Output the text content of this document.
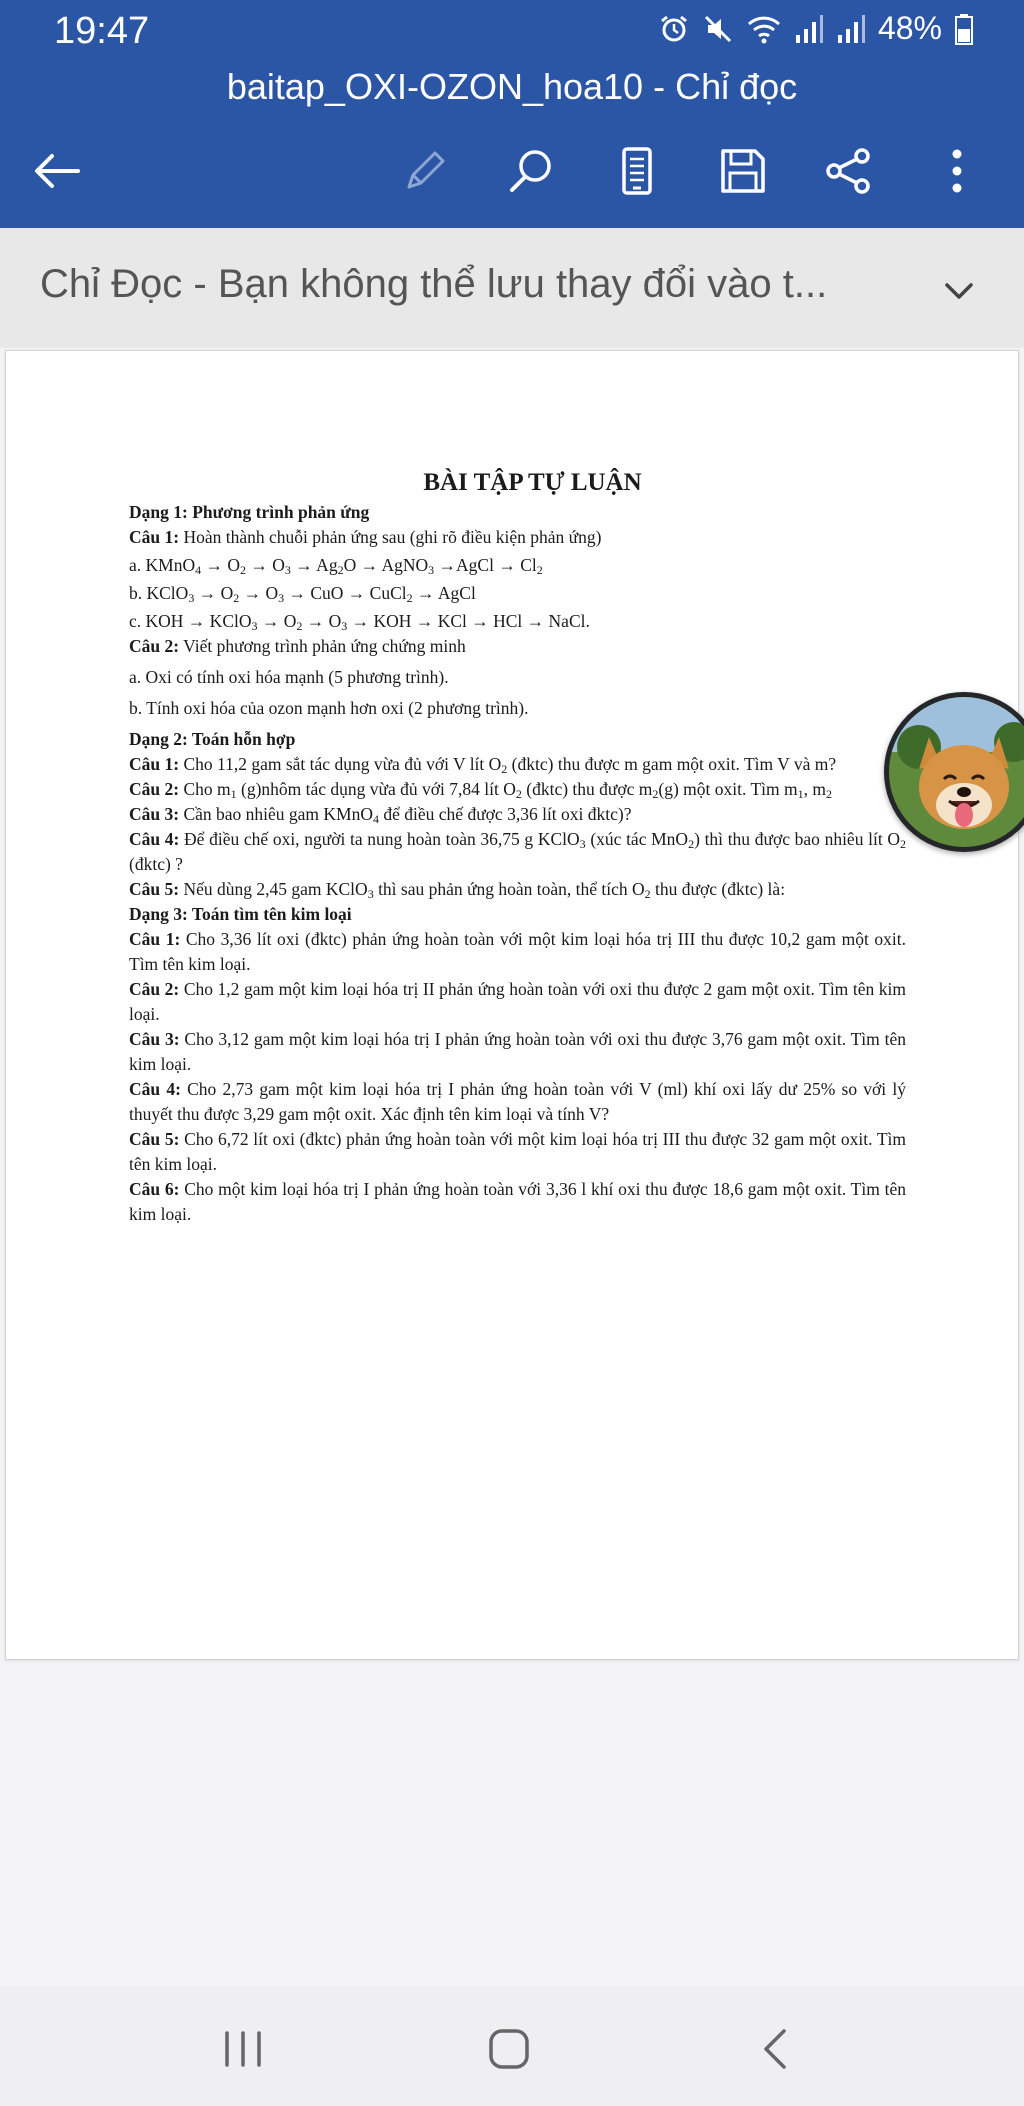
19:47	48%
baitap_OXI-OZON_hoa10 - Chỉ đọc
Chỉ Đọc - Bạn không thể lưu thay đổi vào t...
BÀI TẬP TỰ LUẬN
Dạng 1: Phương trình phản ứng
Câu 1: Hoàn thành chuỗi phản ứng sau (ghi rõ điều kiện phản ứng)
a. KMnO$_4$ → $O_2 \to O_3 \to Ag_2O$ → AgNO$_3$ →AgCl → $Cl_2$
b. KClO$_3$ → $O_2 \to O_3$ → CuO → CuCl$_2$ → AgCl
c. KOH → KClO$_3$ → $O_2 \to O_3$ → KOH → KCl → HCl → NaCl.
Câu 2: Viết phương trình phản ứng chứng minh
a. Oxi có tính oxi hóa mạnh (5 phương trình).
b. Tính oxi hóa của ozon mạnh hơn oxi (2 phương trình).
Dạng 2: Toán hỗn hợp
Câu 1: Cho 11,2 gam sắt tác dụng vừa đủ với V lít $O_2$ (đktc) thu được m gam một oxit. Tìm V và m?
Câu 2: Cho $m_1$ (g)nhôm tác dụng vừa đủ với 7,84 lít $O_2$ (đktc) thu được $m_2(g)$ một oxit. Tìm $m_1$, $m_2$
Câu 3: Cần bao nhiêu gam KMnO$_4$ để điều chế được 3,36 lít oxi đktc)?
Câu 4: Để điều chế oxi, người ta nung hoàn toàn 36,75 g KClO$_3$ (xúc tác MnO$_2$) thì thu được bao nhiêu lít $O_2$ (đktc) ?
Câu 5: Nếu dùng 2,45 gam KClO$_3$ thì sau phản ứng hoàn toàn, thể tích $O_2$ thu được (đktc) là:
Dạng 3: Toán tìm tên kim loại
Câu 1: Cho 3,36 lít oxi (đktc) phản ứng hoàn toàn với một kim loại hóa trị III thu được 10,2 gam một oxit. Tìm tên kim loại.
Câu 2: Cho 1,2 gam một kim loại hóa trị II phản ứng hoàn toàn với oxi thu được 2 gam một oxit. Tìm tên kim loại.
Câu 3: Cho 3,12 gam một kim loại hóa trị I phản ứng hoàn toàn với oxi thu được 3,76 gam một oxit. Tìm tên kim loại.
Câu 4: Cho 2,73 gam một kim loại hóa trị I phản ứng hoàn toàn với V (ml) khí oxi lấy dư 25% so với lý thuyết thu được 3,29 gam một oxit. Xác định tên kim loại và tính V?
Câu 5: Cho 6,72 lít oxi (đktc) phản ứng hoàn toàn với một kim loại hóa trị III thu được 32 gam một oxit. Tìm tên kim loại.
Câu 6: Cho một kim loại hóa trị I phản ứng hoàn toàn với 3,36 l khí oxi thu được 18,6 gam một oxit. Tìm tên kim loại.
